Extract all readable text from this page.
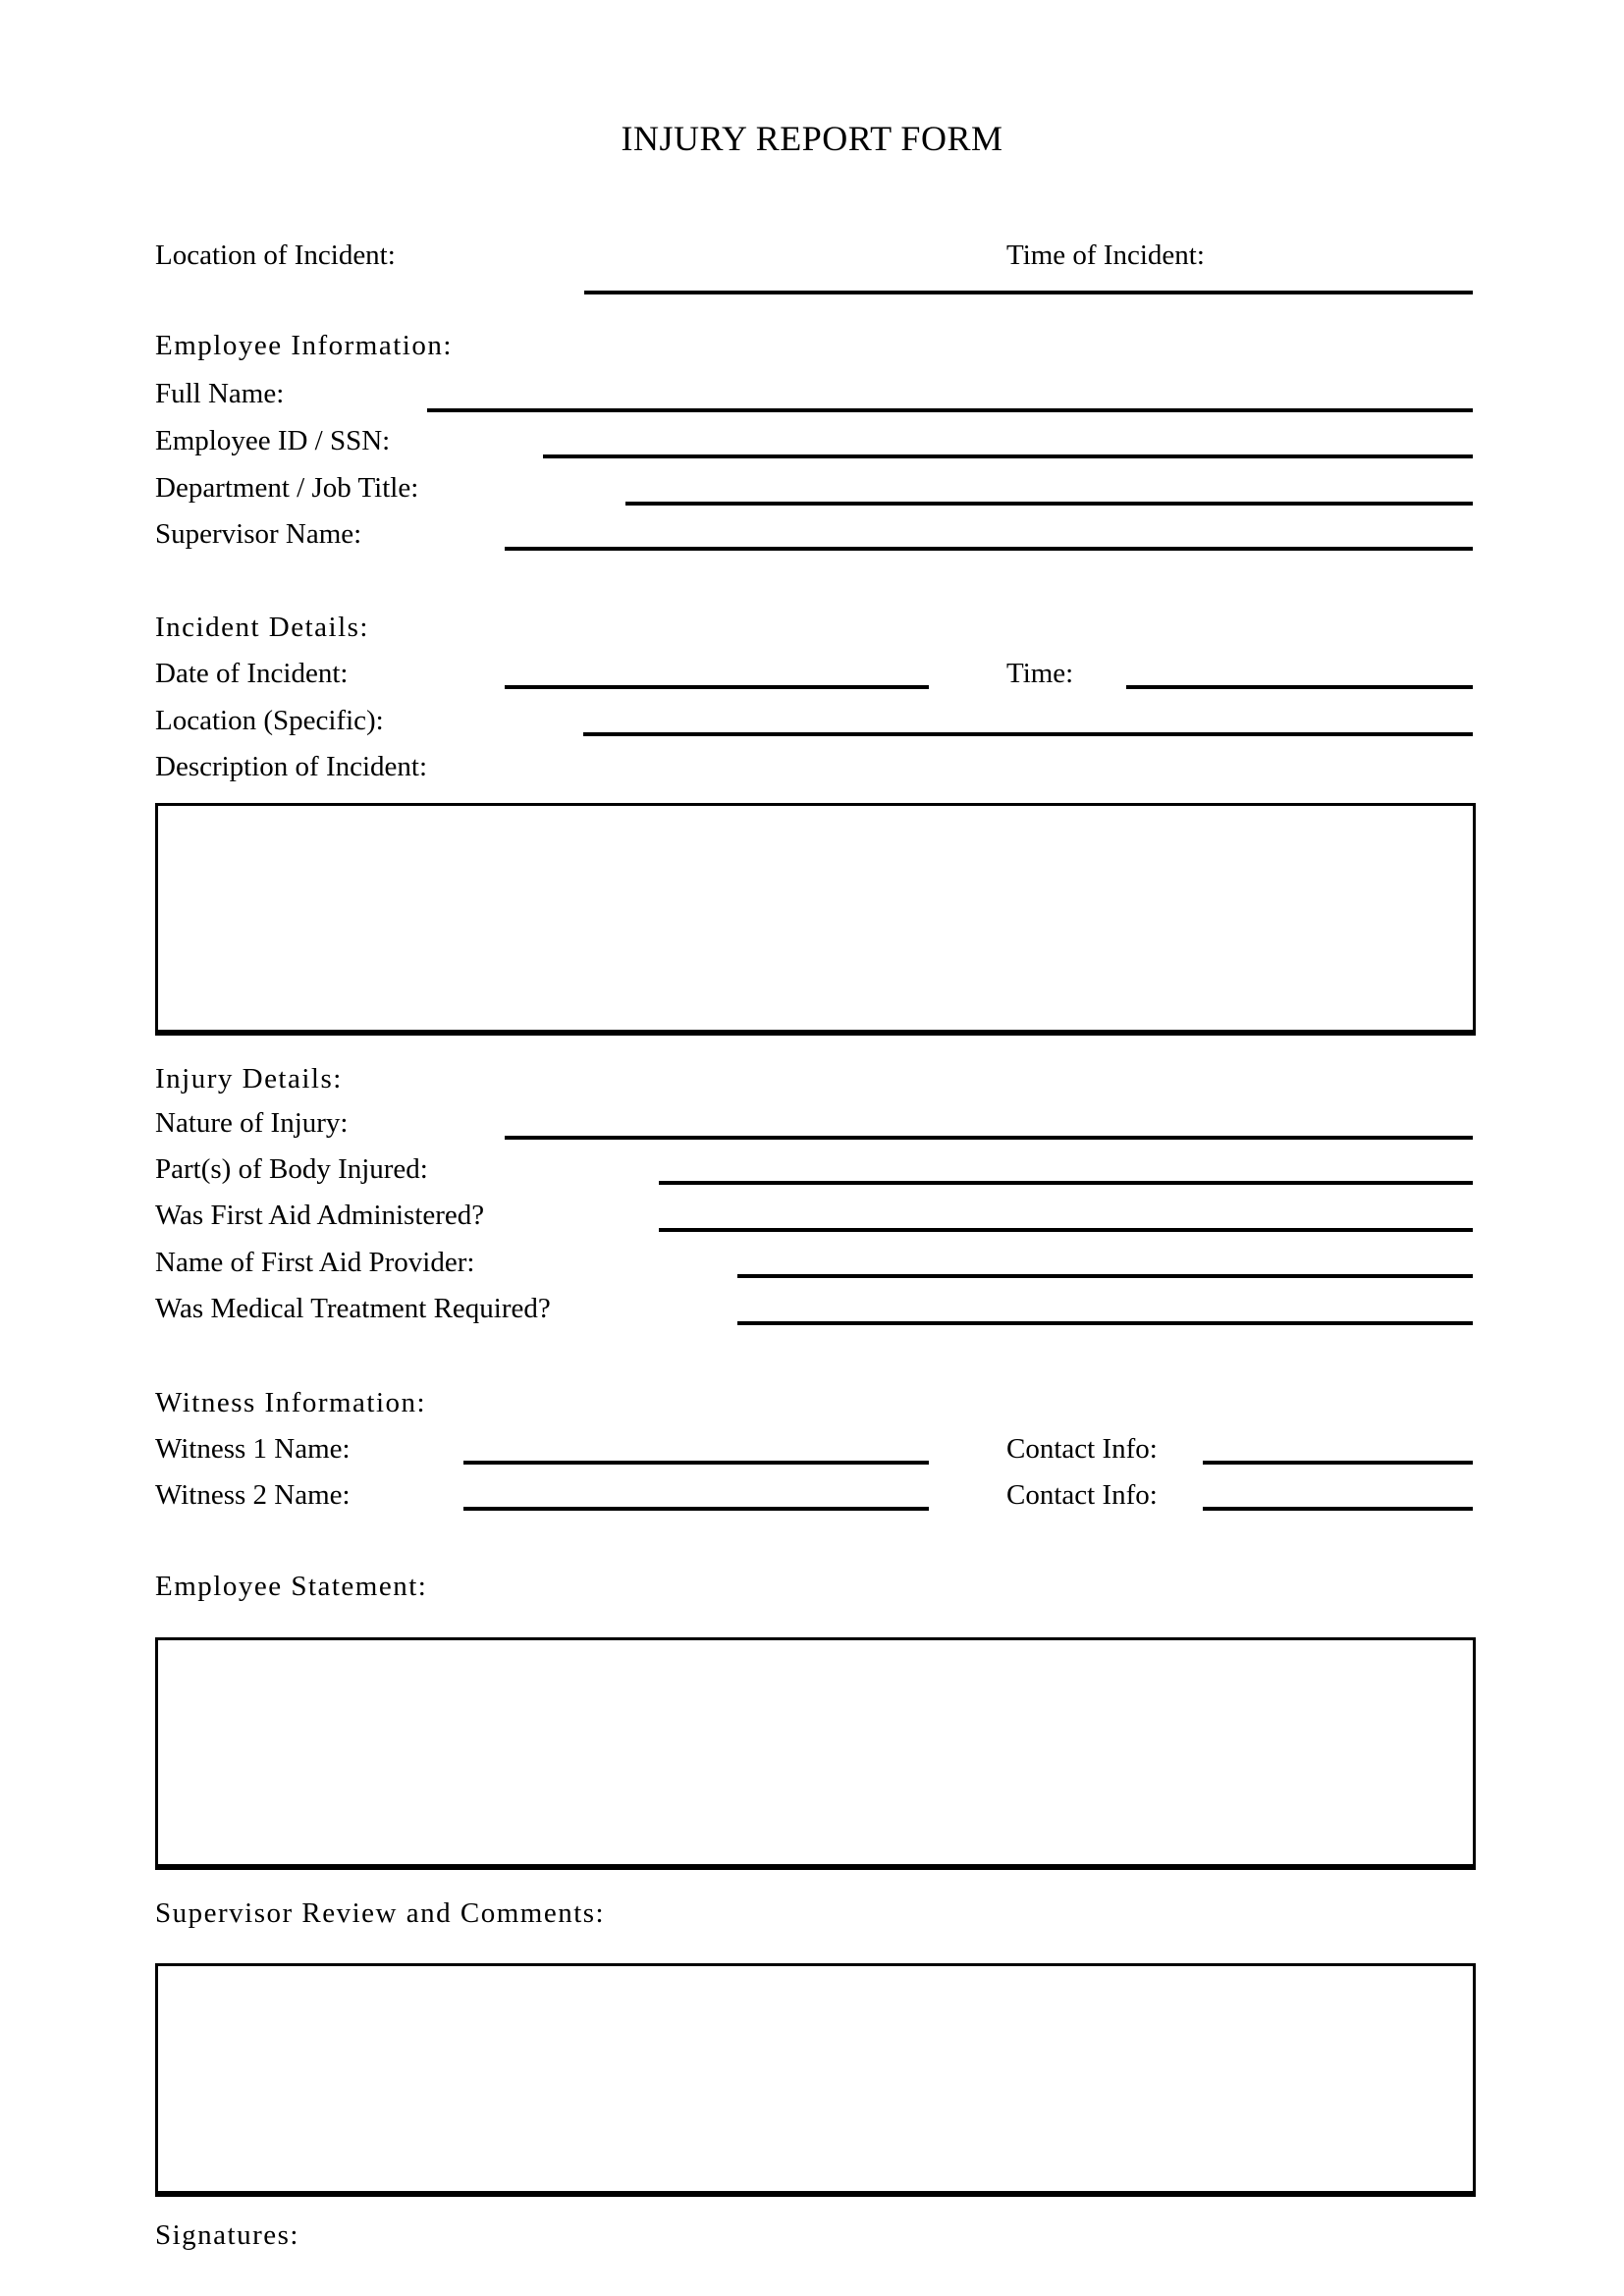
INJURY REPORT FORM
Location of Incident:	Time of Incident:
Employee Information:
Full Name:
Employee ID / SSN:
Department / Job Title:
Supervisor Name:
Incident Details:
Date of Incident:	Time:
Location (Specific):
Description of Incident:
Injury Details:
Nature of Injury:
Part(s) of Body Injured:
Was First Aid Administered?
Name of First Aid Provider:
Was Medical Treatment Required?
Witness Information:
Witness 1 Name:	Contact Info:
Witness 2 Name:	Contact Info:
Employee Statement:
Supervisor Review and Comments:
Signatures:
